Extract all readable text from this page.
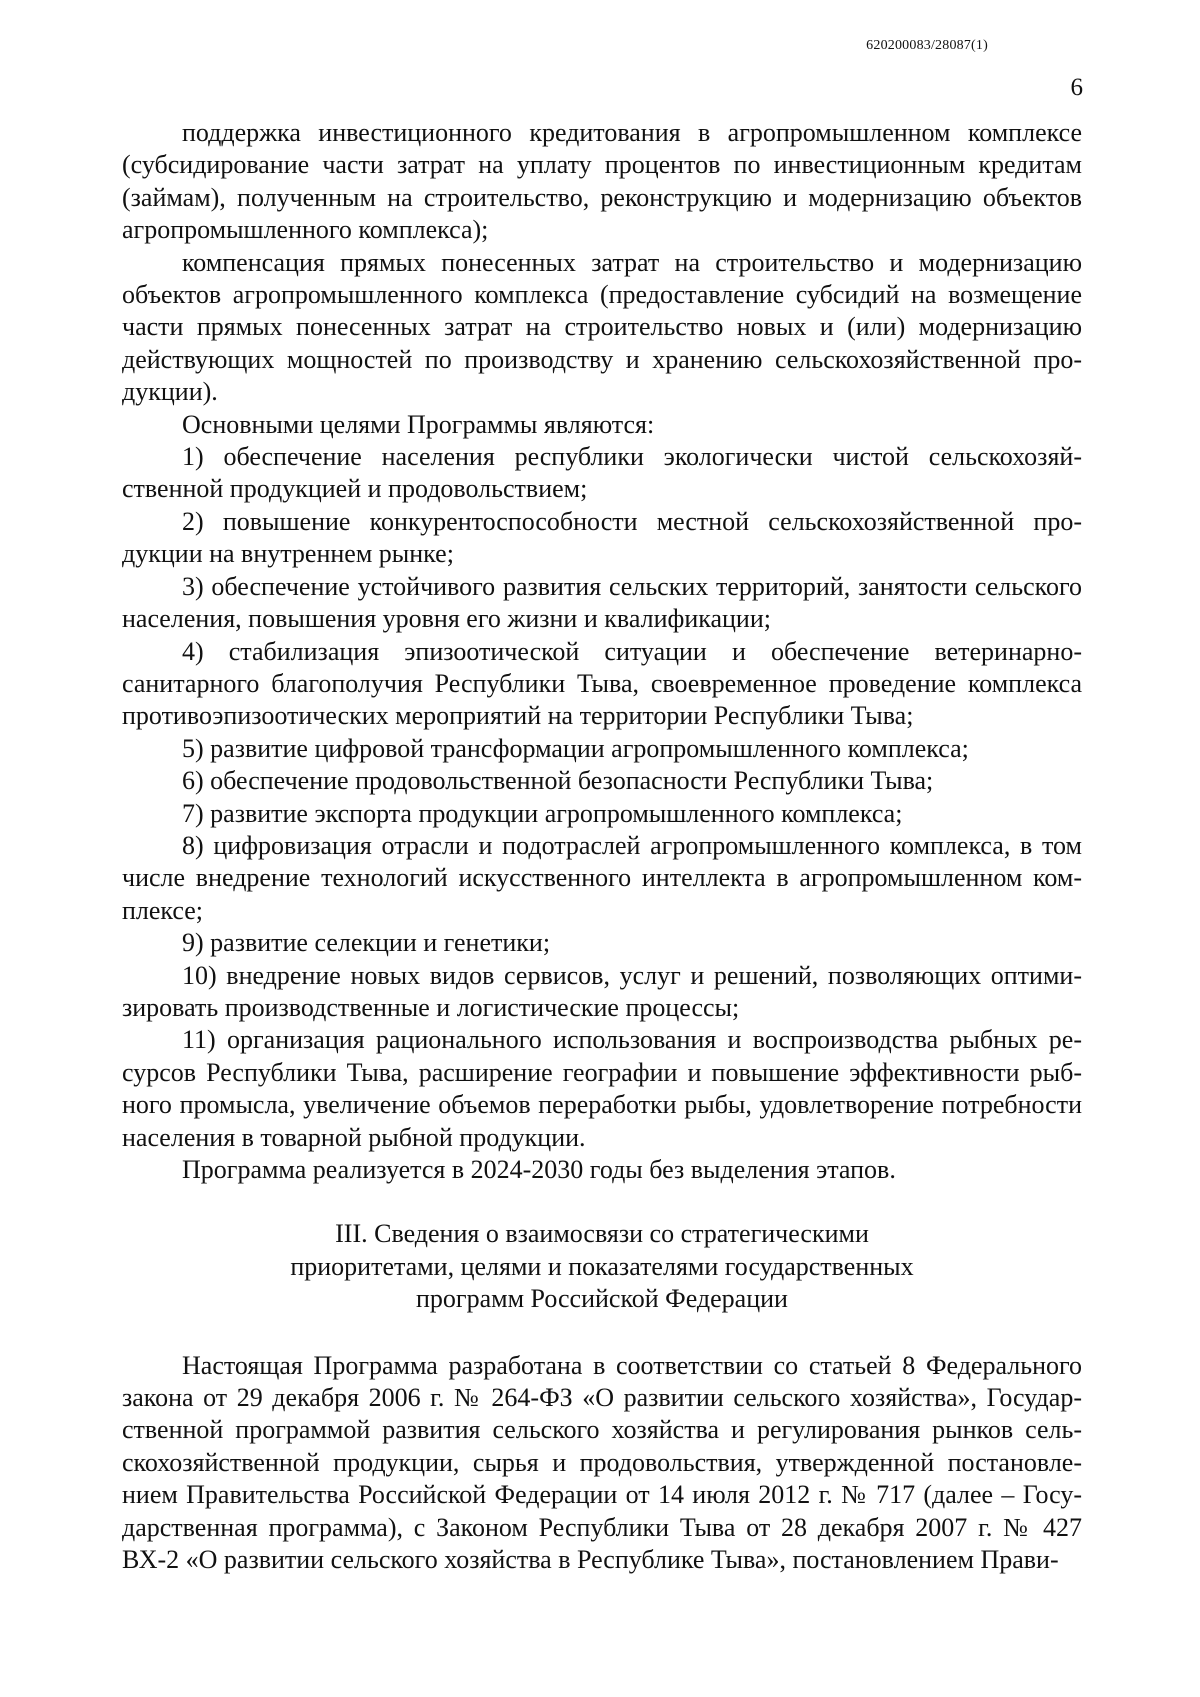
620200083/28087(1)
6

поддержка инвестиционного кредитования в агропромышленном комплексе (субсидирование части затрат на уплату процентов по инвестиционным кредитам (займам), полученным на строительство, реконструкцию и модернизацию объектов агропромышленного комплекса);

компенсация прямых понесенных затрат на строительство и модернизацию объектов агропромышленного комплекса (предоставление субсидий на возмещение части прямых понесенных затрат на строительство новых и (или) модернизацию действующих мощностей по производству и хранению сельскохозяйственной продукции).

Основными целями Программы являются:

1) обеспечение населения республики экологически чистой сельскохозяйственной продукцией и продовольствием;

2) повышение конкурентоспособности местной сельскохозяйственной продукции на внутреннем рынке;

3) обеспечение устойчивого развития сельских территорий, занятости сельского населения, повышения уровня его жизни и квалификации;

4) стабилизация эпизоотической ситуации и обеспечение ветеринарно-санитарного благополучия Республики Тыва, своевременное проведение комплекса противоэпизоотических мероприятий на территории Республики Тыва;

5) развитие цифровой трансформации агропромышленного комплекса;

6) обеспечение продовольственной безопасности Республики Тыва;

7) развитие экспорта продукции агропромышленного комплекса;

8) цифровизация отрасли и подотраслей агропромышленного комплекса, в том числе внедрение технологий искусственного интеллекта в агропромышленном комплексе;

9) развитие селекции и генетики;

10) внедрение новых видов сервисов, услуг и решений, позволяющих оптимизировать производственные и логистические процессы;

11) организация рационального использования и воспроизводства рыбных ресурсов Республики Тыва, расширение географии и повышение эффективности рыбного промысла, увеличение объемов переработки рыбы, удовлетворение потребности населения в товарной рыбной продукции.

Программа реализуется в 2024-2030 годы без выделения этапов.

III. Сведения о взаимосвязи со стратегическими
приоритетами, целями и показателями государственных
программ Российской Федерации

Настоящая Программа разработана в соответствии со статьей 8 Федерального закона от 29 декабря 2006 г. № 264-ФЗ «О развитии сельского хозяйства», Государственной программой развития сельского хозяйства и регулирования рынков сельскохозяйственной продукции, сырья и продовольствия, утвержденной постановлением Правительства Российской Федерации от 14 июля 2012 г. № 717 (далее – Государственная программа), с Законом Республики Тыва от 28 декабря 2007 г. № 427 ВХ-2 «О развитии сельского хозяйства в Республике Тыва», постановлением Прави-
